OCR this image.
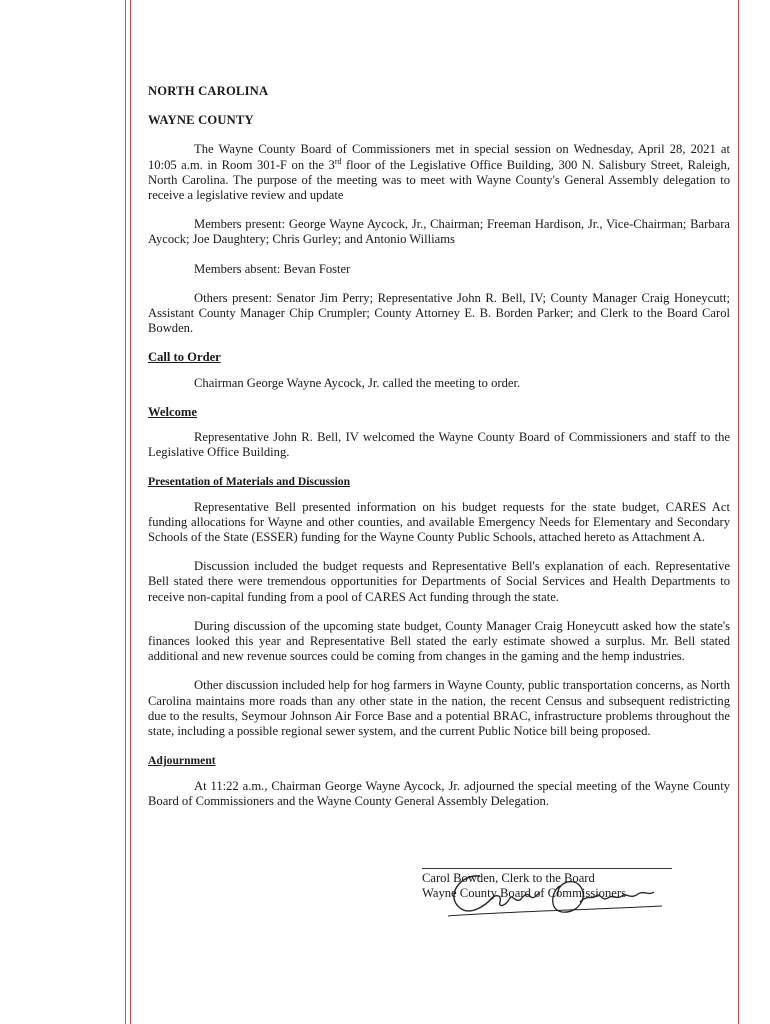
NORTH CAROLINA
WAYNE COUNTY

The Wayne County Board of Commissioners met in special session on Wednesday, April 28, 2021 at 10:05 a.m. in Room 301-F on the 3rd floor of the Legislative Office Building, 300 N. Salisbury Street, Raleigh, North Carolina. The purpose of the meeting was to meet with Wayne County's General Assembly delegation to receive a legislative review and update

Members present: George Wayne Aycock, Jr., Chairman; Freeman Hardison, Jr., Vice-Chairman; Barbara Aycock; Joe Daughtery; Chris Gurley; and Antonio Williams

Members absent: Bevan Foster

Others present: Senator Jim Perry; Representative John R. Bell, IV; County Manager Craig Honeycutt; Assistant County Manager Chip Crumpler; County Attorney E. B. Borden Parker; and Clerk to the Board Carol Bowden.

Call to Order

Chairman George Wayne Aycock, Jr. called the meeting to order.

Welcome

Representative John R. Bell, IV welcomed the Wayne County Board of Commissioners and staff to the Legislative Office Building.

Presentation of Materials and Discussion

Representative Bell presented information on his budget requests for the state budget, CARES Act funding allocations for Wayne and other counties, and available Emergency Needs for Elementary and Secondary Schools of the State (ESSER) funding for the Wayne County Public Schools, attached hereto as Attachment A.

Discussion included the budget requests and Representative Bell's explanation of each. Representative Bell stated there were tremendous opportunities for Departments of Social Services and Health Departments to receive non-capital funding from a pool of CARES Act funding through the state.

During discussion of the upcoming state budget, County Manager Craig Honeycutt asked how the state's finances looked this year and Representative Bell stated the early estimate showed a surplus. Mr. Bell stated additional and new revenue sources could be coming from changes in the gaming and the hemp industries.

Other discussion included help for hog farmers in Wayne County, public transportation concerns, as North Carolina maintains more roads than any other state in the nation, the recent Census and subsequent redistricting due to the results, Seymour Johnson Air Force Base and a potential BRAC, infrastructure problems throughout the state, including a possible regional sewer system, and the current Public Notice bill being proposed.

Adjournment

At 11:22 a.m., Chairman George Wayne Aycock, Jr. adjourned the special meeting of the Wayne County Board of Commissioners and the Wayne County General Assembly Delegation.

Carol Bowden, Clerk to the Board
Wayne County Board of Commissioners
